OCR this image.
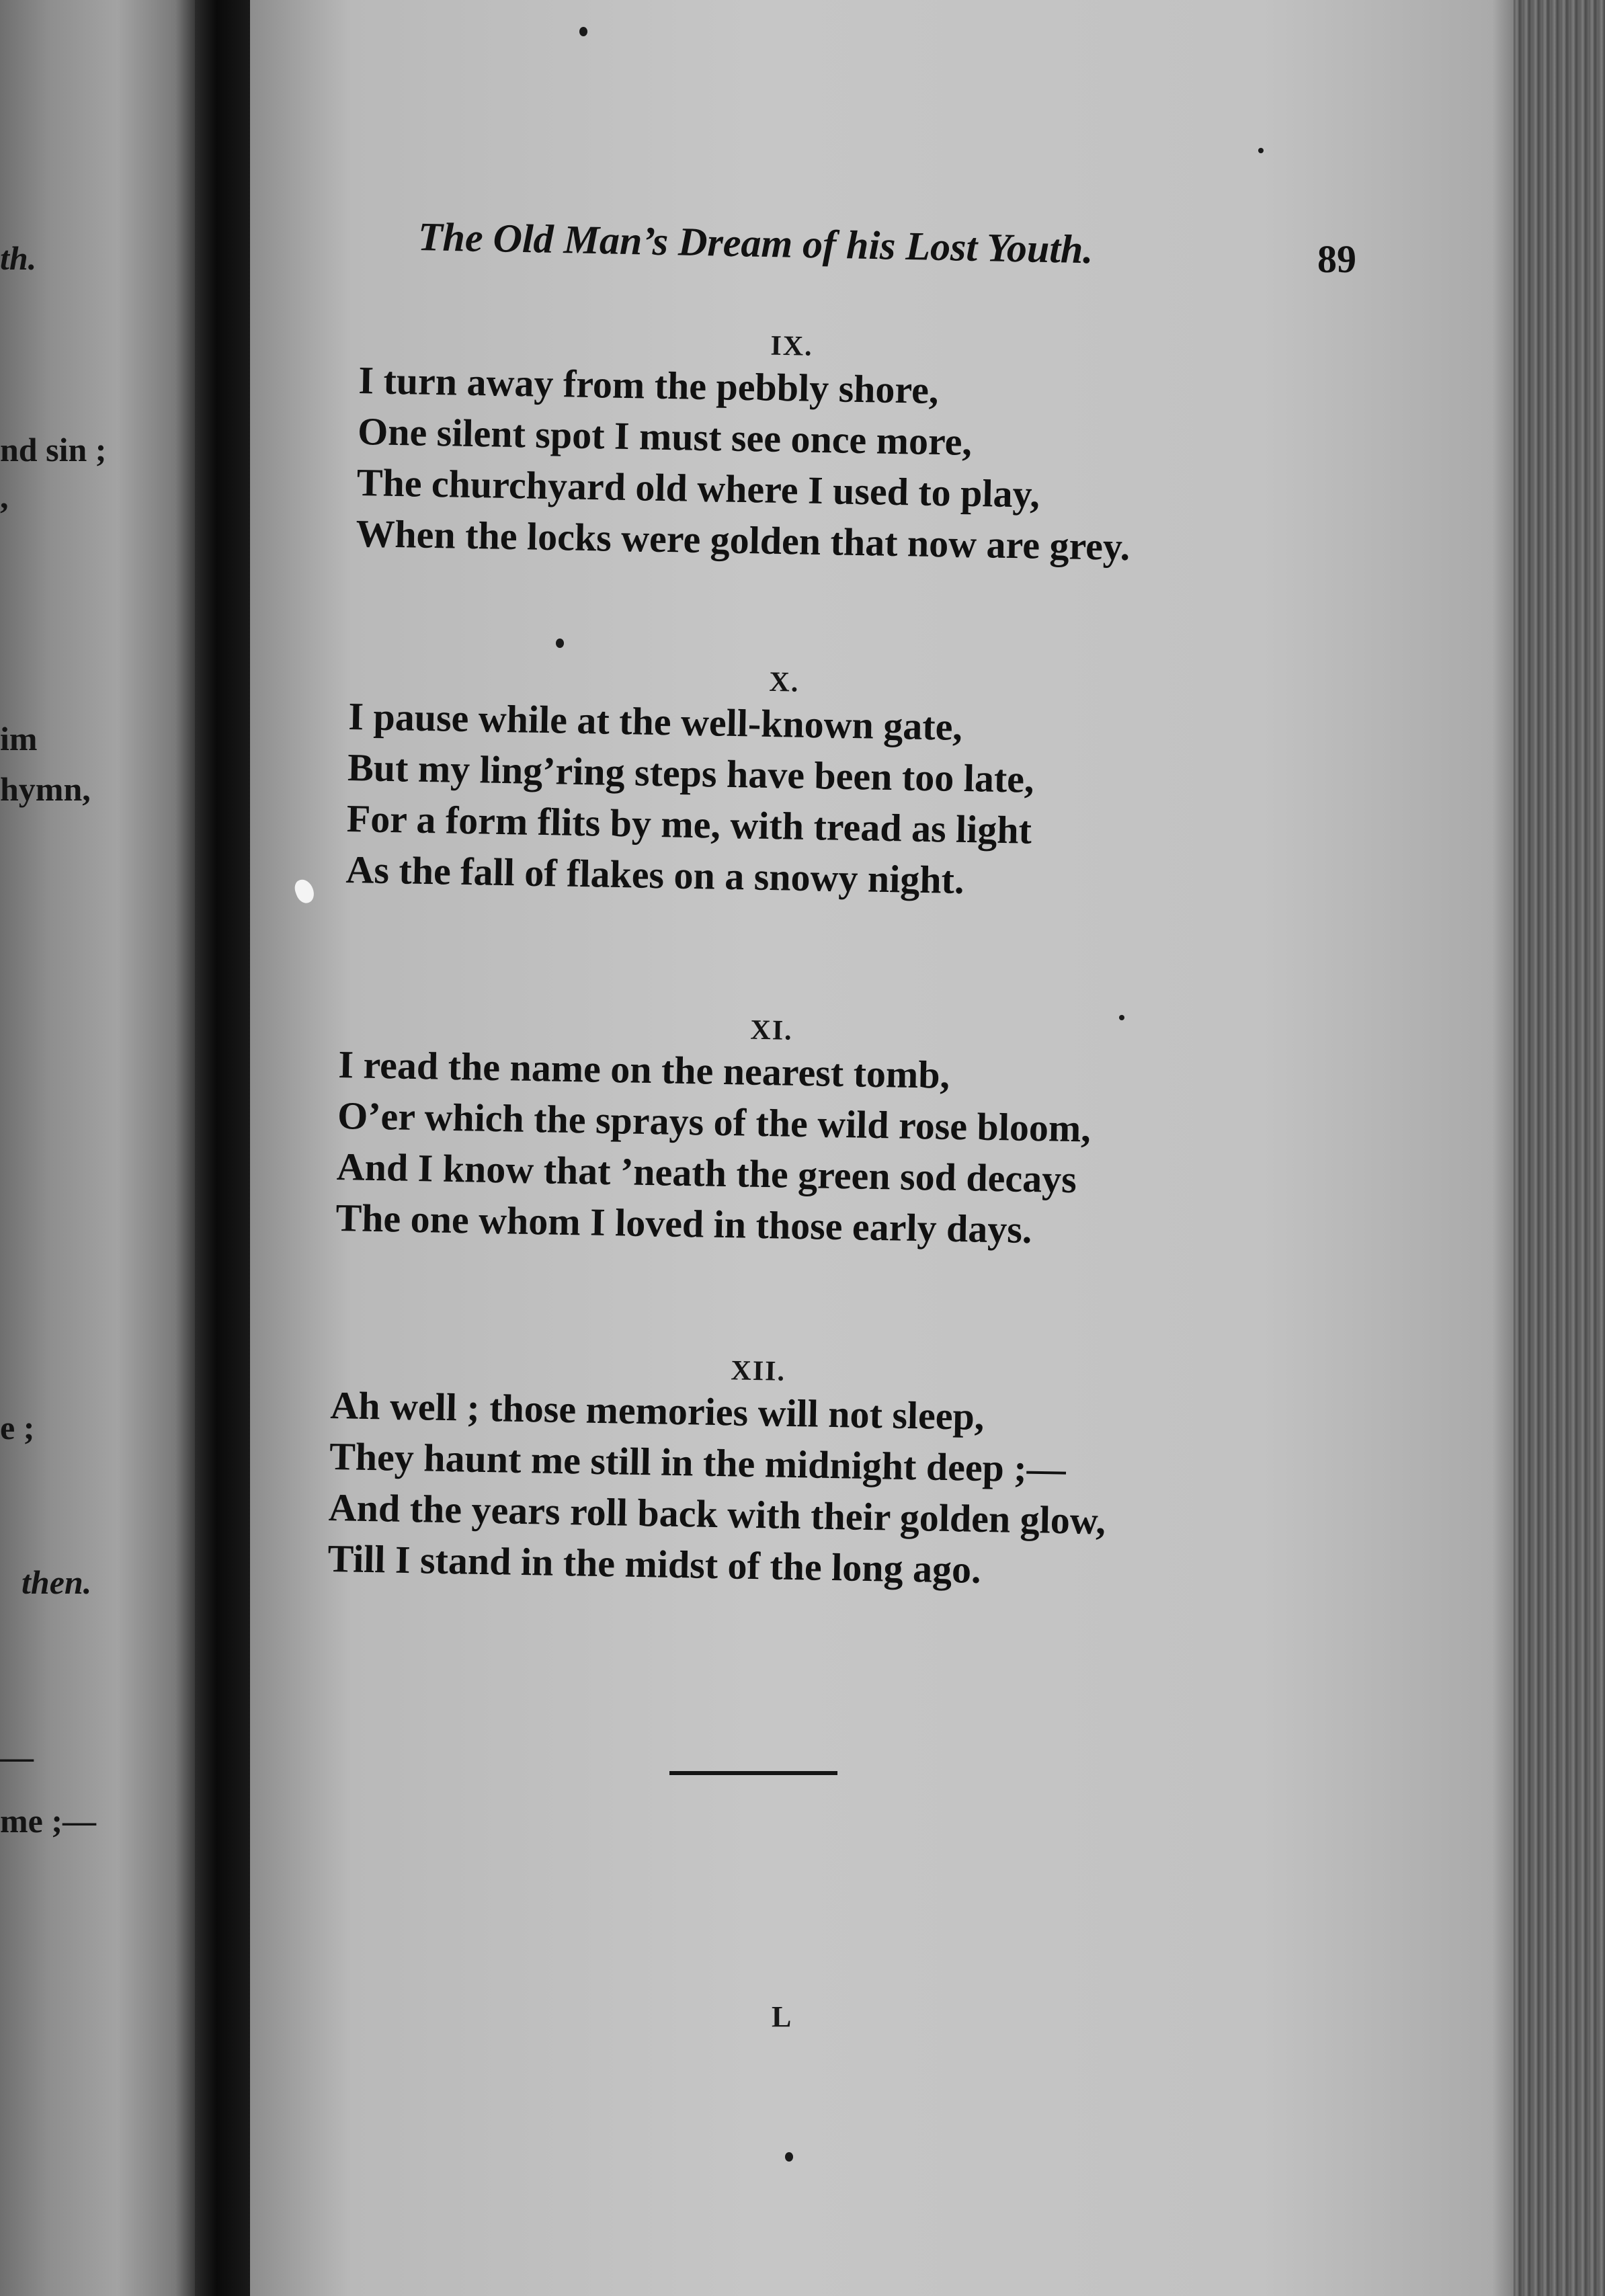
th.
nd sin ;
,
im
hymn,
e ;
then.
—
me ;—
The Old Man’s Dream of his Lost Youth.	89
IX.
I turn away from the pebbly shore,
One silent spot I must see once more,
The churchyard old where I used to play,
When the locks were golden that now are grey.
X.
I pause while at the well-known gate,
But my ling’ring steps have been too late,
For a form flits by me, with tread as light
As the fall of flakes on a snowy night.
XI.
I read the name on the nearest tomb,
O’er which the sprays of the wild rose bloom,
And I know that ’neath the green sod decays
The one whom I loved in those early days.
XII.
Ah well ; those memories will not sleep,
They haunt me still in the midnight deep ;—
And the years roll back with their golden glow,
Till I stand in the midst of the long ago.
L
